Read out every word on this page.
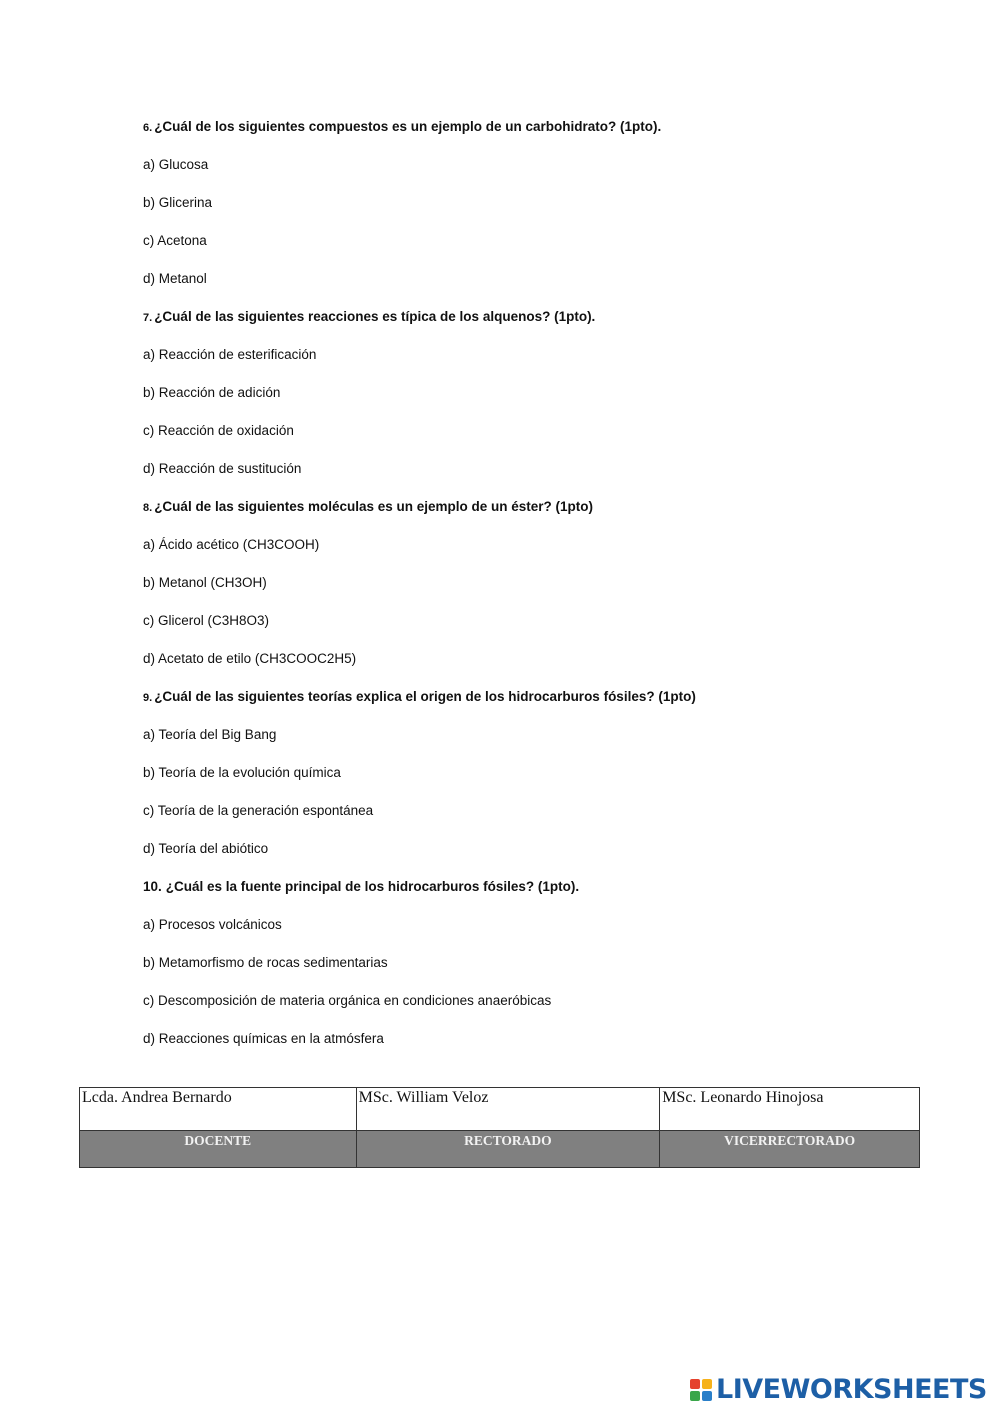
6. ¿Cuál de los siguientes compuestos es un ejemplo de un carbohidrato? (1pto).
a) Glucosa
b) Glicerina
c) Acetona
d) Metanol
7. ¿Cuál de las siguientes reacciones es típica de los alquenos? (1pto).
a) Reacción de esterificación
b) Reacción de adición
c) Reacción de oxidación
d) Reacción de sustitución
8. ¿Cuál de las siguientes moléculas es un ejemplo de un éster? (1pto)
a) Ácido acético (CH3COOH)
b) Metanol (CH3OH)
c) Glicerol (C3H8O3)
d) Acetato de etilo (CH3COOC2H5)
9. ¿Cuál de las siguientes teorías explica el origen de los hidrocarburos fósiles? (1pto)
a) Teoría del Big Bang
b) Teoría de la evolución química
c) Teoría de la generación espontánea
d) Teoría del abiótico
10. ¿Cuál es la fuente principal de los hidrocarburos fósiles? (1pto).
a) Procesos volcánicos
b) Metamorfismo de rocas sedimentarias
c) Descomposición de materia orgánica en condiciones anaeróbicas
d) Reacciones químicas en la atmósfera
Lcda. Andrea Bernardo	MSc. William Veloz	MSc. Leonardo Hinojosa
DOCENTE	RECTORADO	VICERRECTORADO
LIVEWORKSHEETS
